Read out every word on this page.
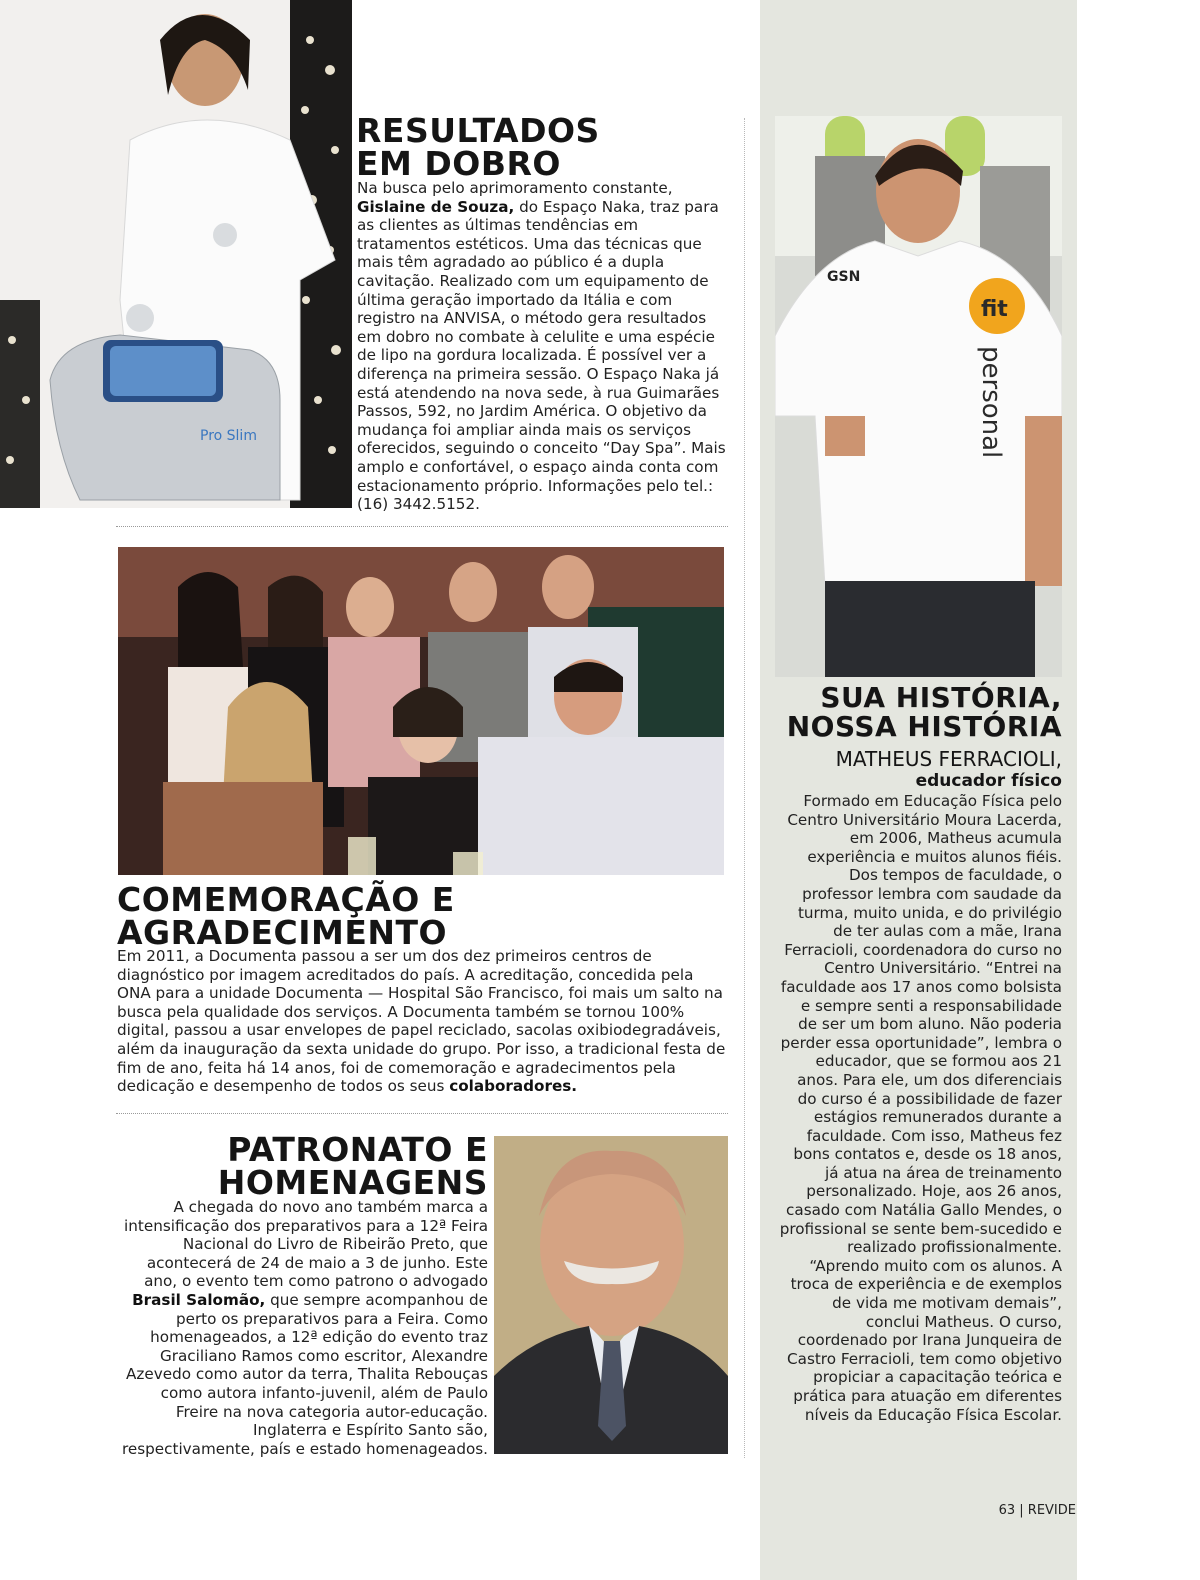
Pro Slim
RESULTADOS
EM DOBRO
Na busca pelo aprimoramento constante, Gislaine de Souza, do Espaço Naka, traz para as clientes as últimas tendências em tratamentos estéticos. Uma das técnicas que mais têm agradado ao público é a dupla cavitação. Realizado com um equipamento de última geração importado da Itália e com registro na ANVISA, o método gera resultados em dobro no combate à celulite e uma espécie de lipo na gordura localizada. É possível ver a diferença na primeira sessão. O Espaço Naka já está atendendo na nova sede, à rua Guimarães Passos, 592, no Jardim América. O objetivo da mudança foi ampliar ainda mais os serviços oferecidos, seguindo o conceito “Day Spa”. Mais amplo e confortável, o espaço ainda conta com estacionamento próprio. Informações pelo tel.: (16) 3442.5152.
COMEMORAÇÃO E
AGRADECIMENTO
Em 2011, a Documenta passou a ser um dos dez primeiros centros de diagnóstico por imagem acreditados do país. A acreditação, concedida pela ONA para a unidade Documenta — Hospital São Francisco, foi mais um salto na busca pela qualidade dos serviços. A Documenta também se tornou 100% digital, passou a usar envelopes de papel reciclado, sacolas oxibiodegradáveis, além da inauguração da sexta unidade do grupo. Por isso, a tradicional festa de fim de ano, feita há 14 anos, foi de comemoração e agradecimentos pela dedicação e desempenho de todos os seus colaboradores.
PATRONATO E
HOMENAGENS
A chegada do novo ano também marca a intensificação dos preparativos para a 12ª Feira Nacional do Livro de Ribeirão Preto, que acontecerá de 24 de maio a 3 de junho. Este ano, o evento tem como patrono o advogado Brasil Salomão, que sempre acompanhou de perto os preparativos para a Feira. Como homenageados, a 12ª edição do evento traz Graciliano Ramos como escritor, Alexandre Azevedo como autor da terra, Thalita Rebouças como autora infanto-juvenil, além de Paulo Freire na nova categoria autor-educação. Inglaterra e Espírito Santo são, respectivamente, país e estado homenageados.
fit
personal
GSN
SUA HISTÓRIA,
NOSSA HISTÓRIA
MATHEUS FERRACIOLI,
educador físico
Formado em Educação Física pelo Centro Universitário Moura Lacerda, em 2006, Matheus acumula experiência e muitos alunos fiéis. Dos tempos de faculdade, o professor lembra com saudade da turma, muito unida, e do privilégio de ter aulas com a mãe, Irana Ferracioli, coordenadora do curso no Centro Universitário. “Entrei na faculdade aos 17 anos como bolsista e sempre senti a responsabilidade de ser um bom aluno. Não poderia perder essa oportunidade”, lembra o educador, que se formou aos 21 anos. Para ele, um dos diferenciais do curso é a possibilidade de fazer estágios remunerados durante a faculdade. Com isso, Matheus fez bons contatos e, desde os 18 anos, já atua na área de treinamento personalizado. Hoje, aos 26 anos, casado com Natália Gallo Mendes, o profissional se sente bem-sucedido e realizado profissionalmente. “Aprendo muito com os alunos. A troca de experiência e de exemplos de vida me motivam demais”, conclui Matheus. O curso, coordenado por Irana Junqueira de Castro Ferracioli, tem como objetivo propiciar a capacitação teórica e prática para atuação em diferentes níveis da Educação Física Escolar.
63 | REVIDE
